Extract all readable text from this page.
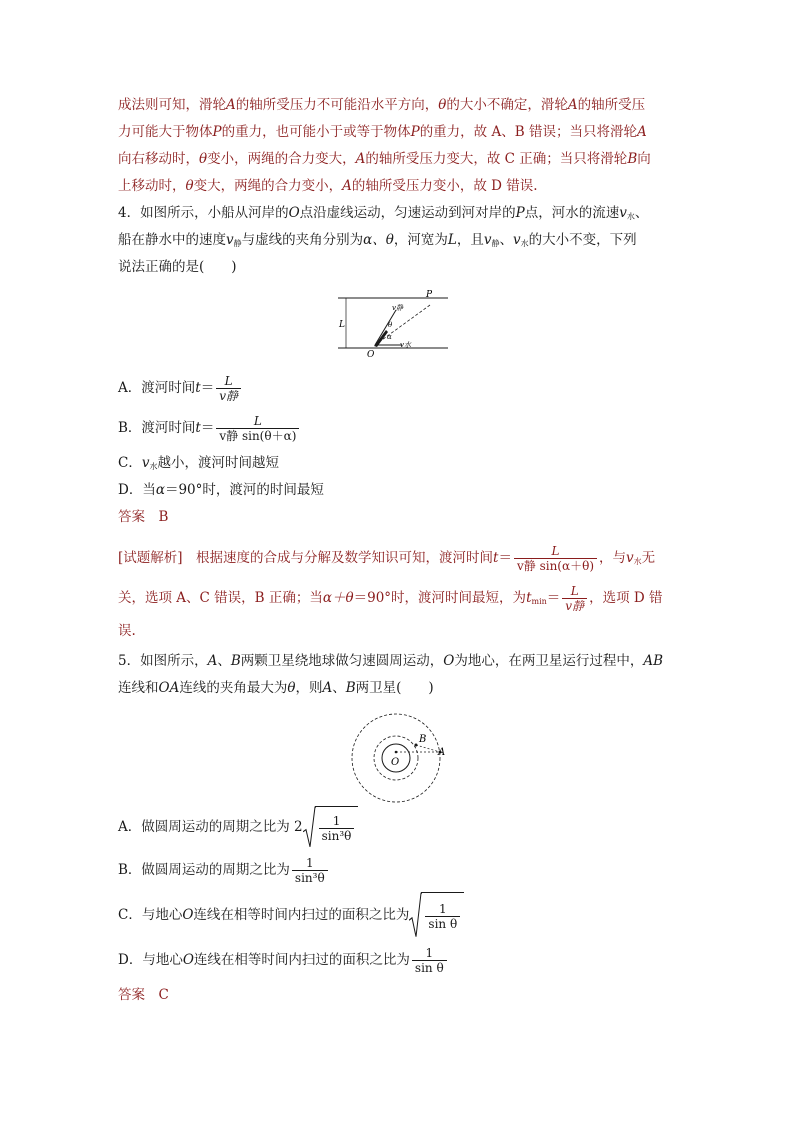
成法则可知，滑轮A的轴所受压力不可能沿水平方向，θ的大小不确定，滑轮A的轴所受压
力可能大于物体P的重力，也可能小于或等于物体P的重力，故 A、B 错误；当只将滑轮A
向右移动时，θ变小，两绳的合力变大，A的轴所受压力变大，故 C 正确；当只将滑轮B向
上移动时，θ变大，两绳的合力变小，A的轴所受压力变小，故 D 错误.
4．如图所示，小船从河岸的O点沿虚线运动，匀速运动到河对岸的P点，河水的流速$v_水$、
船在静水中的速度$v_静$与虚线的夹角分别为α、θ，河宽为L，且$v_静$、$v_水$的大小不变，下列
说法正确的是(　　)
P
L
O
v静
θ
α
v水
A．渡河时间$t= \frac{L}{\text{v静}}$
B．渡河时间$t= \frac{L}{\text{v静 sin(θ＋α)}}$
C．$v_水$越小，渡河时间越短
D．当α＝90°时，渡河的时间最短
答案　 B
[试题解析]　 根据速度的合成与分解及数学知识可知，渡河时间$t= \frac{L}{\text{v静 sin(α＋θ)}}$ ，与$v_水$无
关，选项 A、C 错误，B 正确；当α＋θ＝90°时，渡河时间最短，为$t_{min}= \frac{L}{\text{v静}}$ ，选项 D 错
误.
5．如图所示，A、B两颗卫星绕地球做匀速圆周运动，O为地心，在两卫星运行过程中，AB
连线和OA连线的夹角最大为θ，则A、B两卫星(　　)
B
A
O
A．做圆周运动的周期之比为 $2 \frac{1}{\text{sin³θ}}$
B．做圆周运动的周期之比为 $\frac{1}{\text{sin³θ}}$
C．与地心O连线在相等时间内扫过的面积之比为 $\frac{1}{\text{sin θ}}$
D．与地心O连线在相等时间内扫过的面积之比为 $\frac{1}{\text{sin θ}}$
答案　 C
